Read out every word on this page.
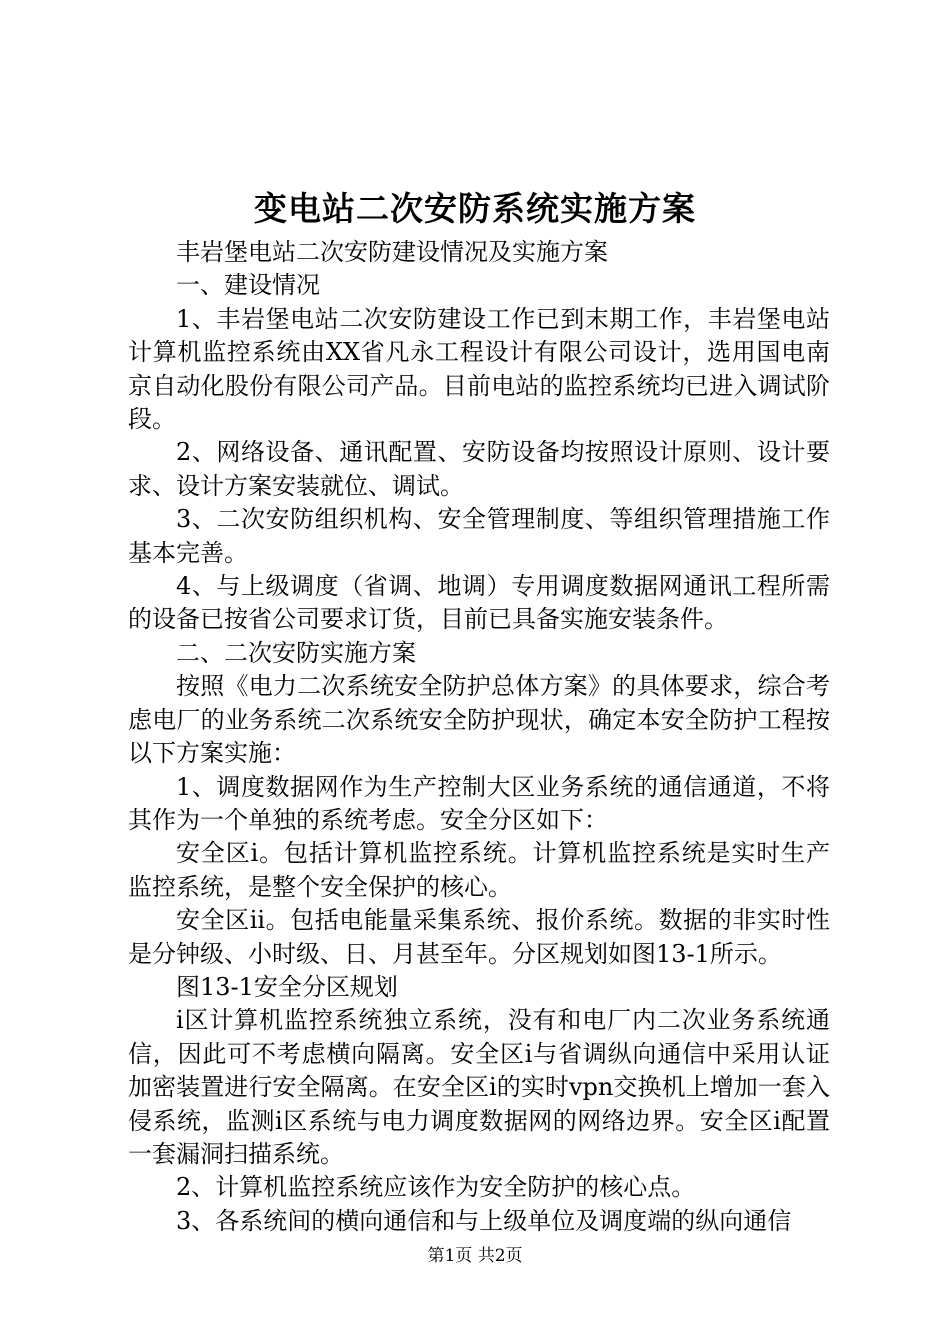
变电站二次安防系统实施方案

丰岩堡电站二次安防建设情况及实施方案

一、建设情况

1、丰岩堡电站二次安防建设工作已到末期工作，丰岩堡电站计算机监控系统由XX省凡永工程设计有限公司设计，选用国电南京自动化股份有限公司产品。目前电站的监控系统均已进入调试阶段。

2、网络设备、通讯配置、安防设备均按照设计原则、设计要求、设计方案安装就位、调试。

3、二次安防组织机构、安全管理制度、等组织管理措施工作基本完善。

4、与上级调度（省调、地调）专用调度数据网通讯工程所需的设备已按省公司要求订货，目前已具备实施安装条件。

二、二次安防实施方案

按照《电力二次系统安全防护总体方案》的具体要求，综合考虑电厂的业务系统二次系统安全防护现状，确定本安全防护工程按以下方案实施：

1、调度数据网作为生产控制大区业务系统的通信通道，不将其作为一个单独的系统考虑。安全分区如下：

安全区i。包括计算机监控系统。计算机监控系统是实时生产监控系统，是整个安全保护的核心。

安全区ii。包括电能量采集系统、报价系统。数据的非实时性是分钟级、小时级、日、月甚至年。分区规划如图13-1所示。

图13-1安全分区规划

i区计算机监控系统独立系统，没有和电厂内二次业务系统通信，因此可不考虑横向隔离。安全区i与省调纵向通信中采用认证加密装置进行安全隔离。在安全区i的实时vpn交换机上增加一套入侵系统，监测i区系统与电力调度数据网的网络边界。安全区i配置一套漏洞扫描系统。

2、计算机监控系统应该作为安全防护的核心点。

3、各系统间的横向通信和与上级单位及调度端的纵向通信

第1页 共2页
